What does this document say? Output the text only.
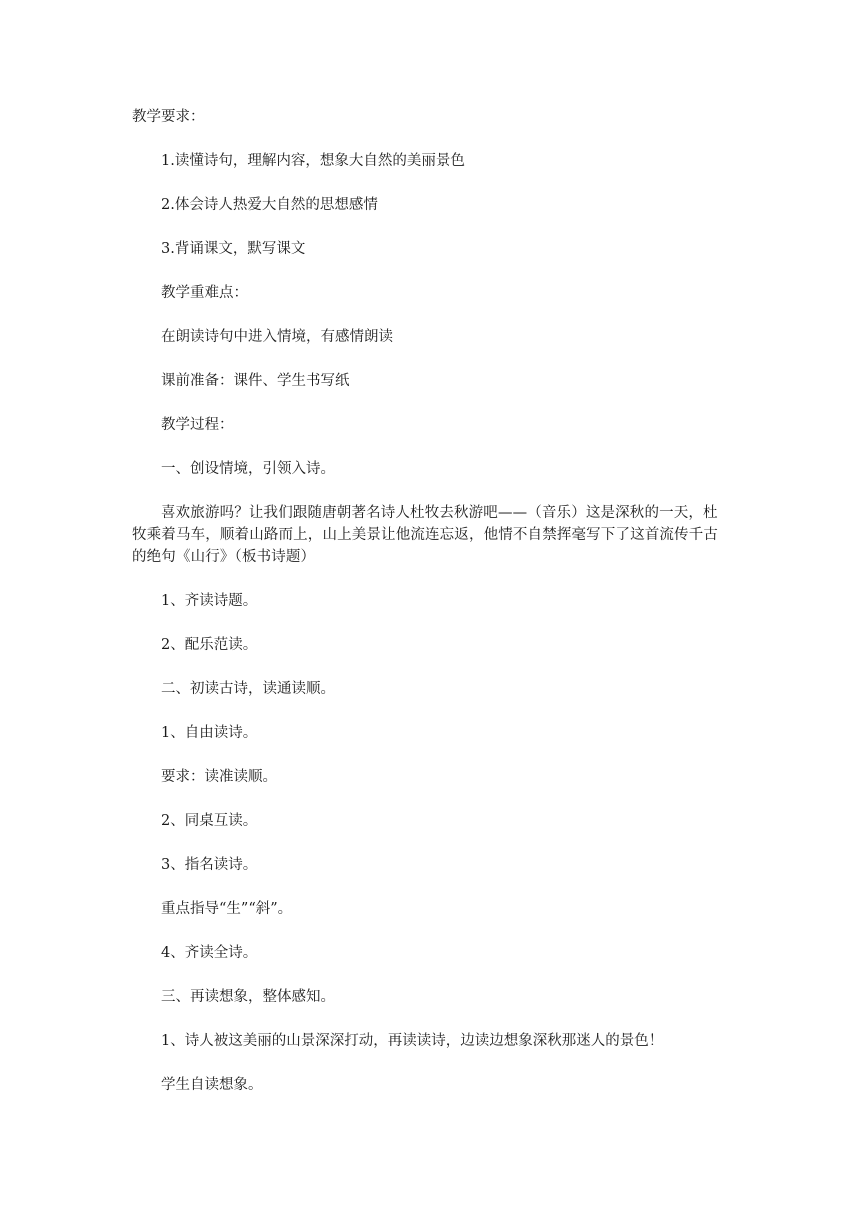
教学要求：

1.读懂诗句，理解内容，想象大自然的美丽景色

2.体会诗人热爱大自然的思想感情

3.背诵课文，默写课文

教学重难点：

在朗读诗句中进入情境，有感情朗读

课前准备：课件、学生书写纸

教学过程：

一、创设情境，引领入诗。

喜欢旅游吗？让我们跟随唐朝著名诗人杜牧去秋游吧——（音乐）这是深秋的一天，杜牧乘着马车，顺着山路而上，山上美景让他流连忘返，他情不自禁挥毫写下了这首流传千古的绝句《山行》（板书诗题）

1、齐读诗题。

2、配乐范读。

二、初读古诗，读通读顺。

1、自由读诗。

要求：读准读顺。

2、同桌互读。

3、指名读诗。

重点指导“生”“斜”。

4、齐读全诗。

三、再读想象，整体感知。

1、诗人被这美丽的山景深深打动，再读读诗，边读边想象深秋那迷人的景色！

学生自读想象。
